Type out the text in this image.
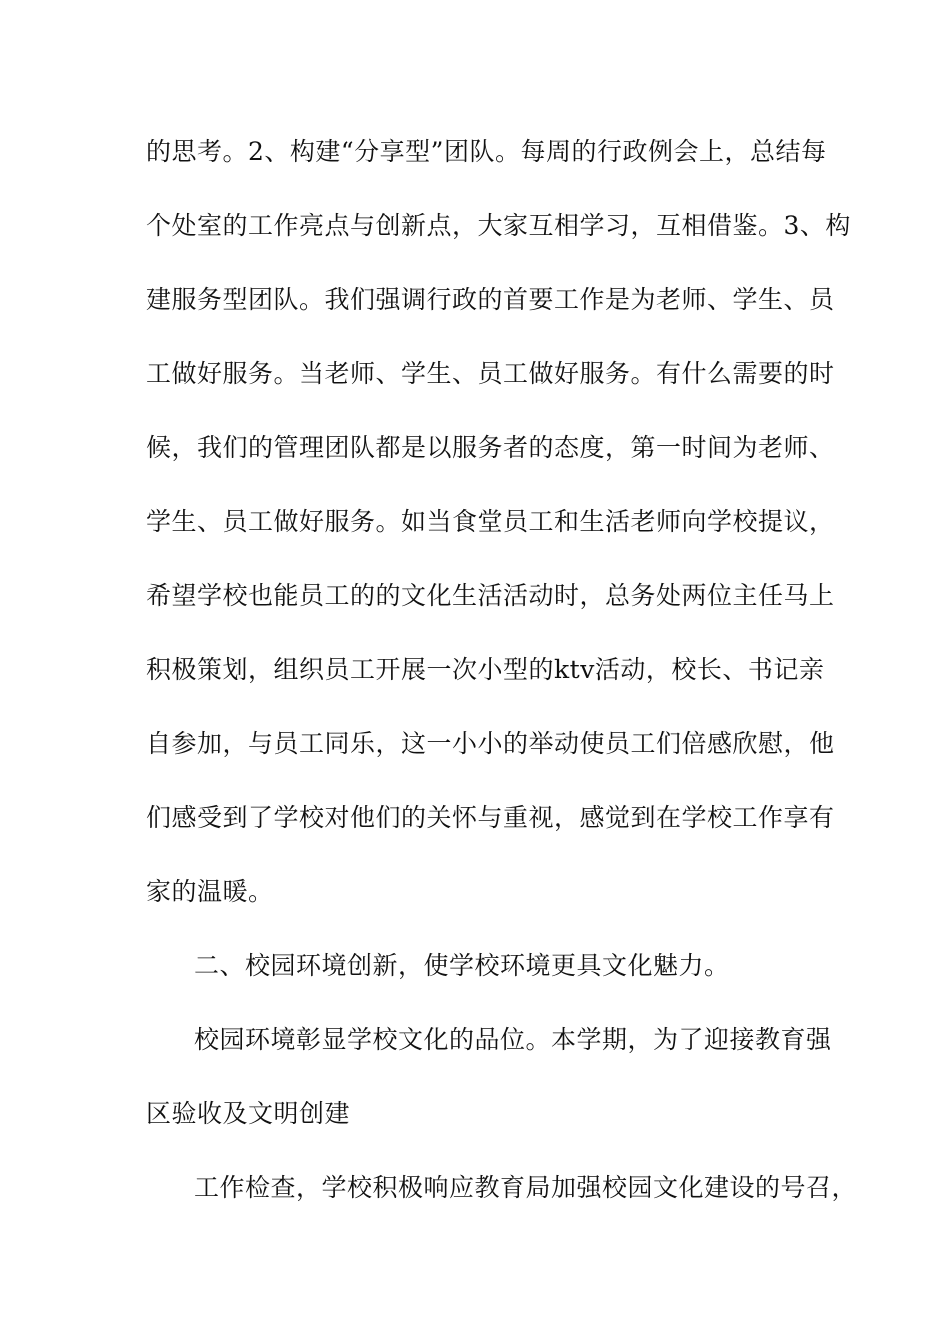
的思考。2、构建“分享型”团队。每周的行政例会上，总结每
个处室的工作亮点与创新点，大家互相学习，互相借鉴。3、构
建服务型团队。我们强调行政的首要工作是为老师、学生、员
工做好服务。当老师、学生、员工做好服务。有什么需要的时
候，我们的管理团队都是以服务者的态度，第一时间为老师、
学生、员工做好服务。如当食堂员工和生活老师向学校提议，
希望学校也能员工的的文化生活活动时，总务处两位主任马上
积极策划，组织员工开展一次小型的ktv活动，校长、书记亲
自参加，与员工同乐，这一小小的举动使员工们倍感欣慰，他
们感受到了学校对他们的关怀与重视，感觉到在学校工作享有
家的温暖。
二、校园环境创新，使学校环境更具文化魅力。
校园环境彰显学校文化的品位。本学期，为了迎接教育强
区验收及文明创建
工作检查，学校积极响应教育局加强校园文化建设的号召，
